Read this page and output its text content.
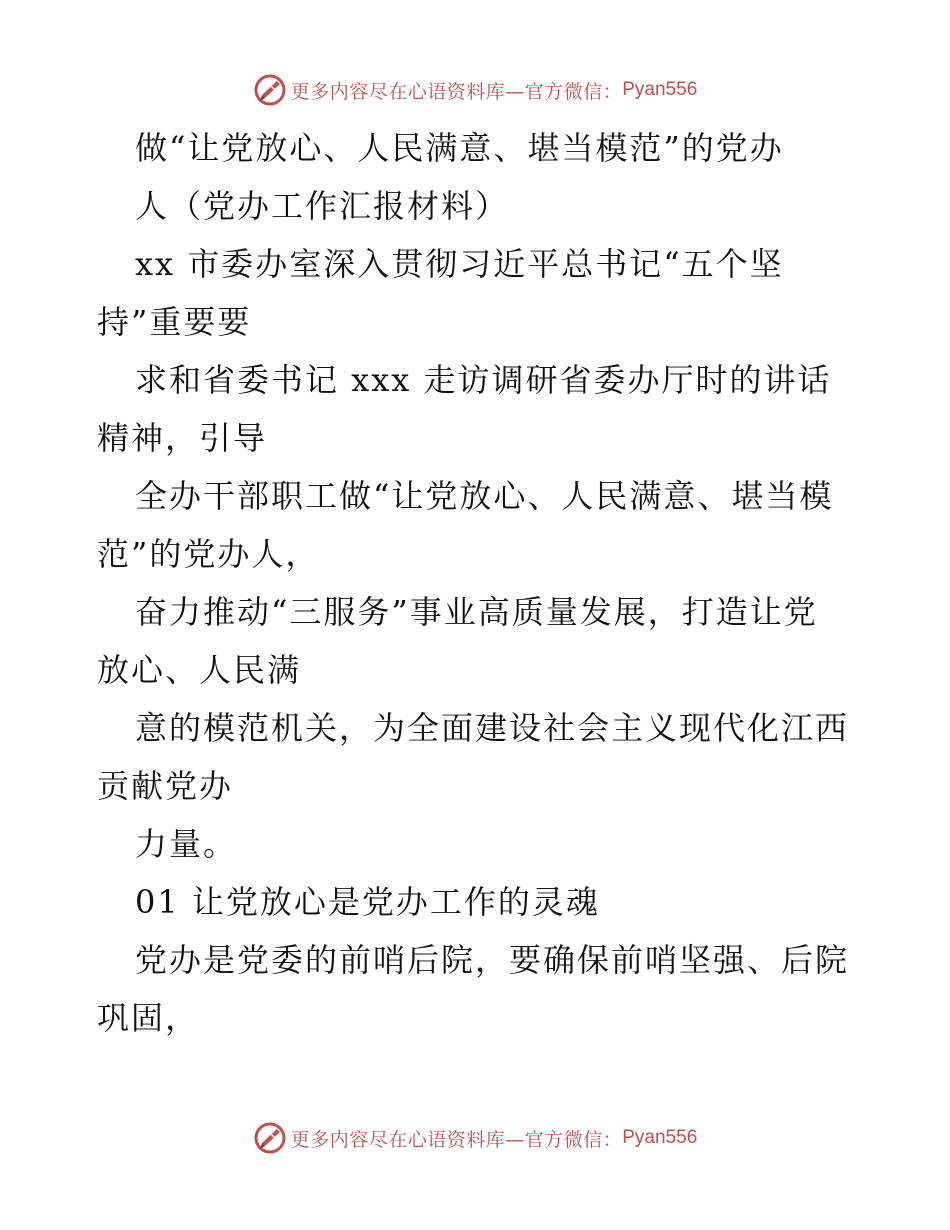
更多内容尽在心语资料库—官方微信： Pyan556
做“让党放心、人民满意、堪当模范”的党办
人（党办工作汇报材料）
xx 市委办室深入贯彻习近平总书记“五个坚
持”重要要
求和省委书记 xxx 走访调研省委办厅时的讲话
精神，引导
全办干部职工做“让党放心、人民满意、堪当模
范”的党办人，
奋力推动“三服务”事业高质量发展，打造让党
放心、人民满
意的模范机关，为全面建设社会主义现代化江西
贡献党办
力量。
01 让党放心是党办工作的灵魂
党办是党委的前哨后院，要确保前哨坚强、后院
巩固，
更多内容尽在心语资料库—官方微信： Pyan556
